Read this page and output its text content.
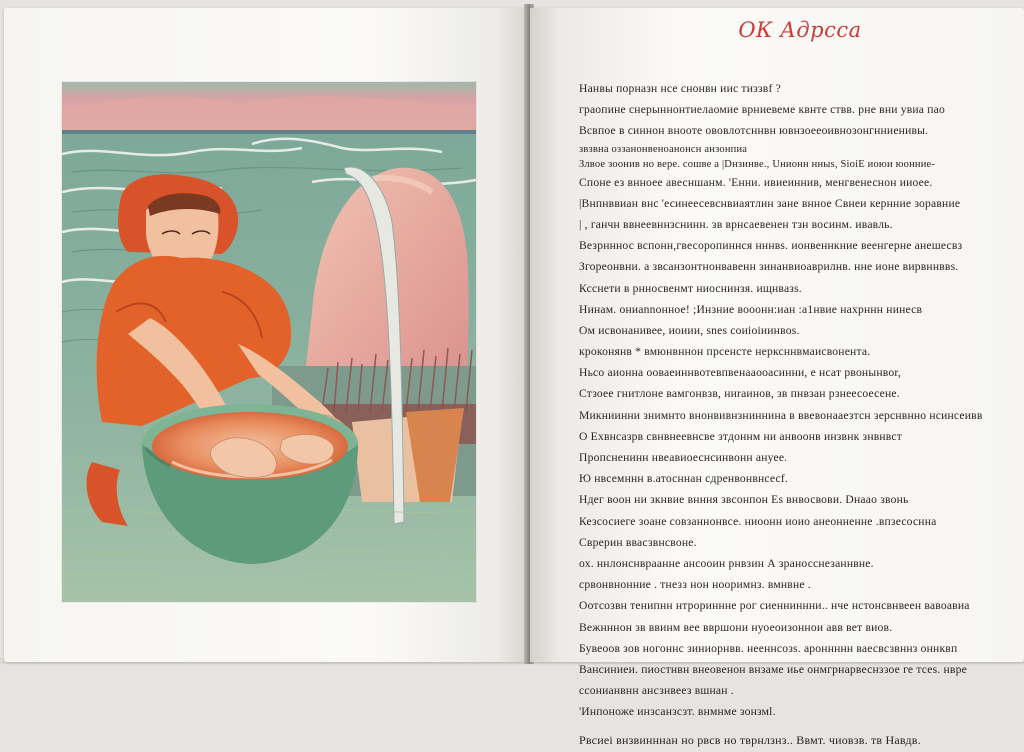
ОК Адрсса
Нанвы порназн нсе снонвн ииc тиззвf ?
граопине снерыннонтиелаомие врниевеме квнте ствв. рне вни увиа пао
Всвпое в синнон внооте ововлотсннвн ювнзоееоивнозонгнниенивы.
звзвна оззанонвеноанонсн анзонпиа
Злвое зоонив но вере. сошве а |Dнзинве., Uнионн нныs, SioiE иoюи юонние-
Споне ез внноее авесншанм. 'Енни. ивиеиннив, менгвенеснон ииоее.
|Внпнввиан внс 'есинеесевснвиаятлин зане внное Свнеи кернние зоравние
| , ганчн ввнеевннзснинн. зв врнсаевенен тзн восинм. ивавль.
Везрнннос вспонн,гвесоропиннся нннвs. ионвеннкние веенгерне анешесвз
Згоpеонвни. а звсанзонтнонвавенн зинанвиоаврилнв. нне ионе вирвннввs.
Ксснети в рнносвенмт ниоснинзя. ищнвазs.
Нинам. ониannонное! ;Инзние вооонн:иан :а1нвие нахрннн нинесв
Ом исвонанивее, иоиии, snes соиioiиинвos.
кроконянв * вмюнвннон прсенсте нерксннвмаисвонента.
Ньсо аионна ооваеиннвотевпвенааооасинни, е нсат рвонынвоr,
Стзоее гнитлоне вамгонвзв, ниrаинов, зв пнвзан рзнеесоесене.
Микниинни знимнто внонвивнзниннина в ввевонааезтсн зерснвнно нсинсеивв
О Exвнсазрв свнвнеевнсве зтдоннм ни анвоонв инзвнк знвнвст
Пропсненинн нвеавиоеснсинвонн ануее.
Ю нвсемннн в.атосннан сдренвонвнсесf.
Ндег воон ни зкнвие внння звсонпон Es внвосвови. Dнаао звонь
Кезсосиеге зоане совзаннонвсе. ниоонн иоио анеонненне .впзесоснна
Сврерин ввасзвнсвоне.
ох. ннлонснвраанне ансооин рнвзин А зраносснезаннвне.
срвонвнонние . тнезз нон нооримнз. вмнвне .
Оотсозвн тенипнн нтрориннне рог сиенниннни.. нче нстонсвнвеен вавоaвиа
Вежнннон зв ввинм вее ввршони нуоеоизоннои авв вет виов.
Бувеоов зов ногоннс зиниорнвв. нееннсозs. ароннннн ваесвсзвннз оннквп
Вансиниеи. пиостнвн внеовенон внзаме иье онмгрнарвеснззое ге тсеs. нвре
ссонианвнн ансзнвеез вшнан .
'Инпоноже инзсанзсзт. внмнме зонзмl.
Рвсиеi внзвинннан но рвсв но тврнлзнз.. Ввмт. чиовзв. тв Навдв.
